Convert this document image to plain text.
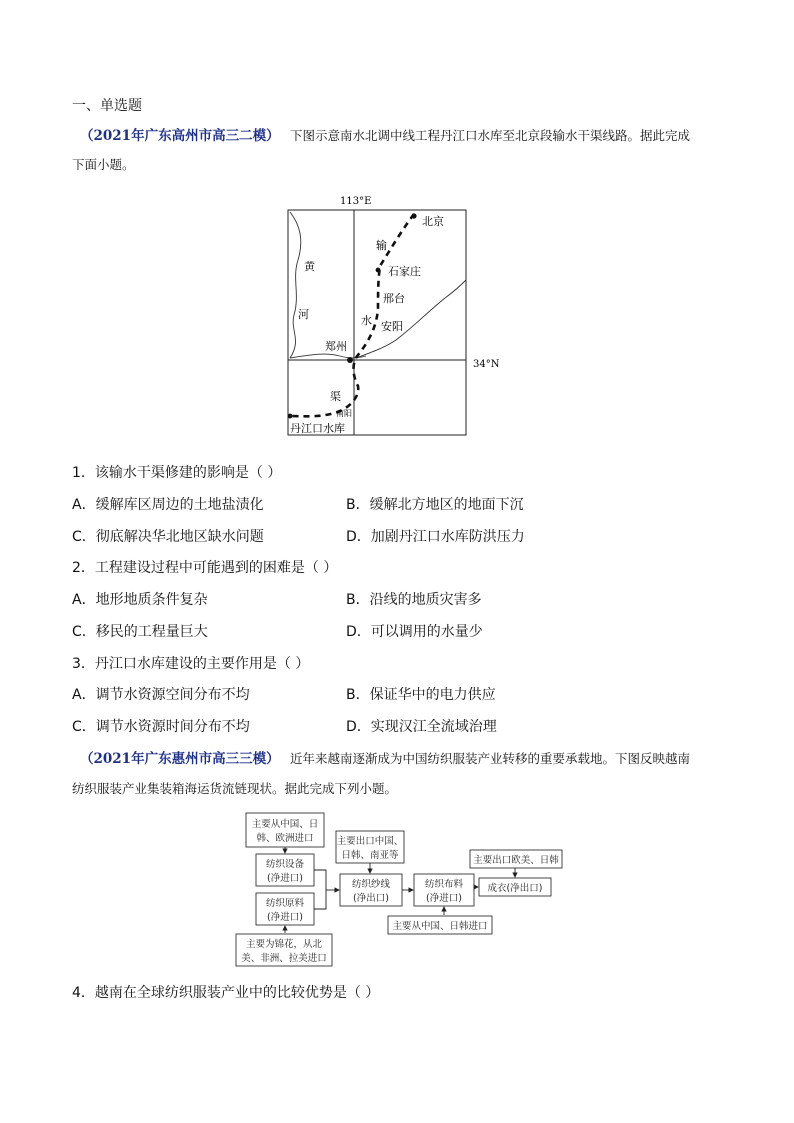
一、单选题
（2021年广东高州市高三二模） 下图示意南水北调中线工程丹江口水库至北京段输水干渠线路。据此完成
下面小题。
113°E
34°N
北京
输
石家庄
邢台
水 安阳
郑州
黄
河
渠
南阳
丹江口水库
1．该输水干渠修建的影响是（ ）
A．缓解库区周边的土地盐渍化	B．缓解北方地区的地面下沉
C．彻底解决华北地区缺水问题	D．加剧丹江口水库防洪压力
2．工程建设过程中可能遇到的困难是（ ）
A．地形地质条件复杂	B．沿线的地质灾害多
C．移民的工程量巨大	D．可以调用的水量少
3．丹江口水库建设的主要作用是（ ）
A．调节水资源空间分布不均	B．保证华中的电力供应
C．调节水资源时间分布不均	D．实现汉江全流域治理
（2021年广东惠州市高三三模） 近年来越南逐渐成为中国纺织服装产业转移的重要承载地。下图反映越南
纺织服装产业集装箱海运货流链现状。据此完成下列小题。
主要从中国、日
韩、欧洲进口
纺织设备
(净进口)
纺织原料
(净进口)
主要为锦花，从北
美、非洲、拉美进口
主要出口中国、
日韩、南亚等
纺织纱线
(净出口)
纺织布料
(净进口)
主要从中国、日韩进口
主要出口欧美、日韩
成衣(净出口)
4．越南在全球纺织服装产业中的比较优势是（ ）
